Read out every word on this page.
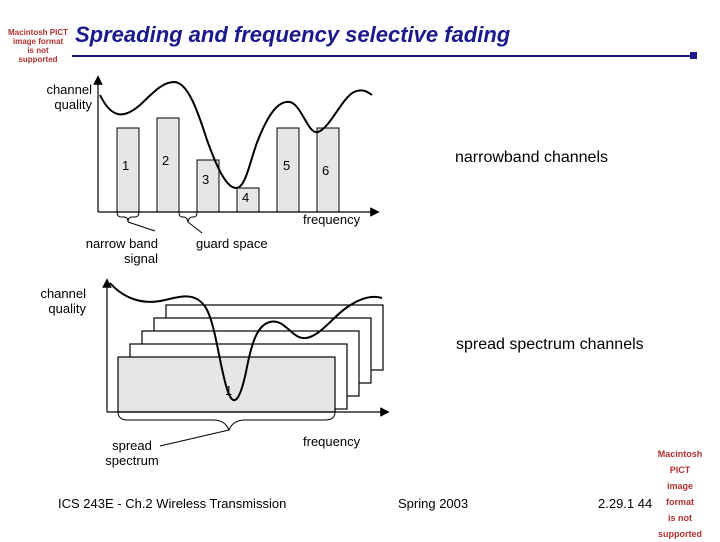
Macintosh PICT
image format
is not supported
Spreading and frequency selective fading
channel
quality
1	2
3
4
5 6
narrowband channels
frequency
narrow band
signal
guard space
channel
quality
spread spectrum channels
1
frequency
spread
spectrum	Macintosh PICT
image format
is not supported
ICS 243E - Ch.2 Wireless Transmission	Spring 2003	2.29.1 44
